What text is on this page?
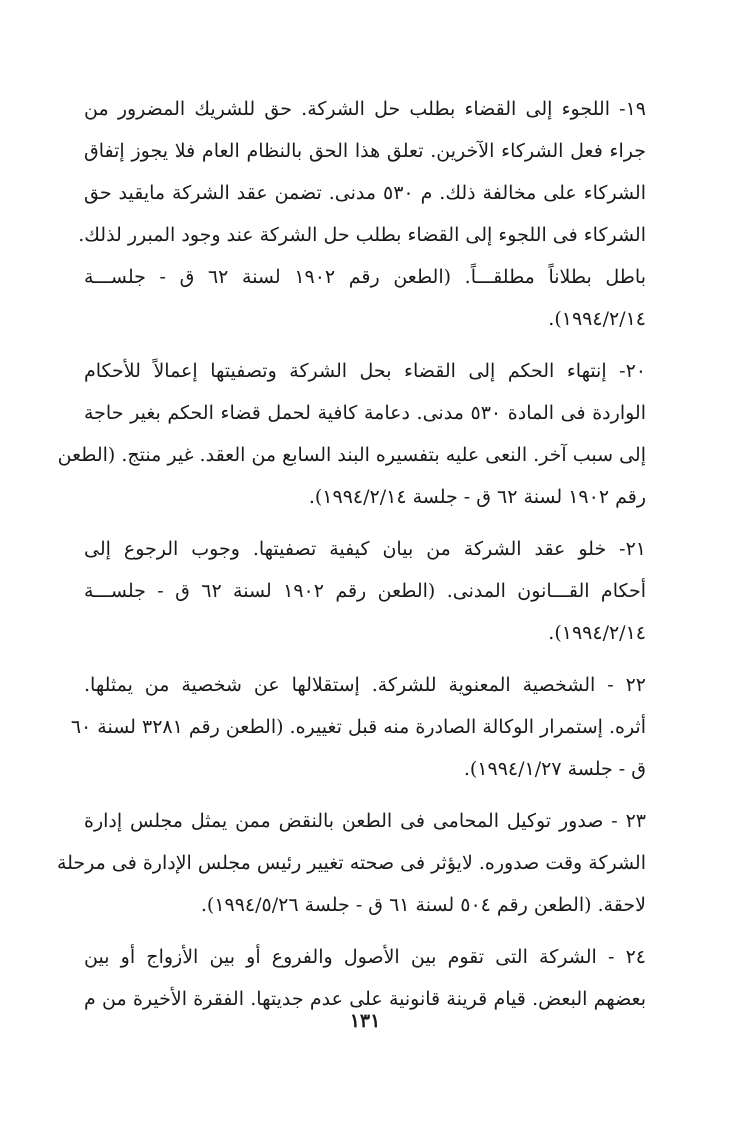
١٩- اللجوء إلى القضاء بطلب حل الشركة. حق للشريك المضرور من
جراء فعل الشركاء الآخرين. تعلق هذا الحق بالنظام العام فلا يجوز إتفاق
الشركاء على مخالفة ذلك. م ٥٣٠ مدنى. تضمن عقد الشركة مايقيد حق
الشركاء فى اللجوء إلى القضاء بطلب حل الشركة عند وجود المبرر لذلك.
باطل بطلاناً مطلقـــاً. (الطعن رقم ١٩٠٢ لسنة ٦٢ ق - جلســـة
١٩٩٤/٢/١٤).
٢٠- إنتهاء الحكم إلى القضاء بحل الشركة وتصفيتها إعمالاً للأحكام
الواردة فى المادة ٥٣٠ مدنى. دعامة كافية لحمل قضاء الحكم بغير حاجة
إلى سبب آخر. النعى عليه بتفسيره البند السابع من العقد. غير منتج. (الطعن
رقم ١٩٠٢ لسنة ٦٢ ق - جلسة ١٩٩٤/٢/١٤).
٢١- خلو عقد الشركة من بيان كيفية تصفيتها. وجوب الرجوع إلى
أحكام القـــانون المدنى. (الطعن رقم ١٩٠٢ لسنة ٦٢ ق - جلســـة
١٩٩٤/٢/١٤).
٢٢ - الشخصية المعنوية للشركة. إستقلالها عن شخصية من يمثلها.
أثره. إستمرار الوكالة الصادرة منه قبل تغييره. (الطعن رقم ٣٢٨١ لسنة ٦٠
ق - جلسة ١٩٩٤/١/٢٧).
٢٣ - صدور توكيل المحامى فى الطعن بالنقض ممن يمثل مجلس إدارة
الشركة وقت صدوره. لايؤثر فى صحته تغيير رئيس مجلس الإدارة فى مرحلة
لاحقة. (الطعن رقم ٥٠٤ لسنة ٦١ ق - جلسة ١٩٩٤/٥/٢٦).
٢٤ - الشركة التى تقوم بين الأصول والفروع أو بين الأزواج أو بين
بعضهم البعض. قيام قرينة قانونية على عدم جديتها. الفقرة الأخيرة من م
١٣١
